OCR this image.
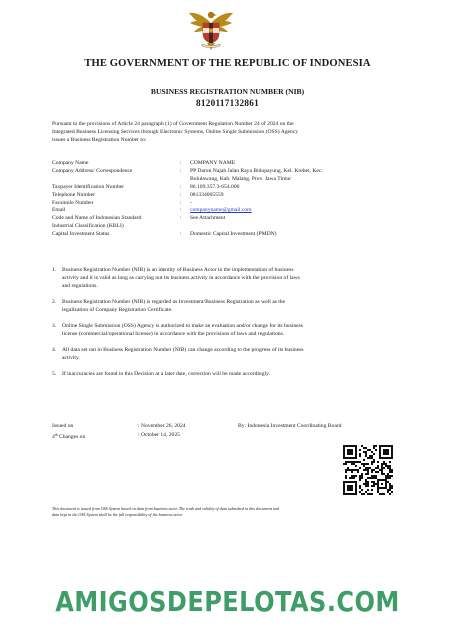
THE GOVERNMENT OF THE REPUBLIC OF INDONESIA
BUSINESS REGISTRATION NUMBER (NIB)
8120117132861
Pursuant to the provisions of Article 24 paragraph (1) of Government Regulation Number 24 of 2024 on the
Integrated Business Licensing Services through Electronic Systems, Online Single Submission (OSS) Agency
issues a Business Registration Number to:
Company Name	:	COMPANY NAME
Company Address/ Correspondence	:	PP Darun Najah Jalan Raya Bulupayung, Kel. Krebet, Kec.
Bululawang, Kab. Malang, Prov. Jawa Timur
Taxpayer Identification Number	:	86.109.357.3-654.000
Telephone Number	:	081334005559
Facsimile Number	:	-
Email	:	companyname@gmail.com
Code and Name of Indonesian Standard
Industrial Classification (KBLI)
:	See Attachment
Capital Investment Status	:	Domestic Capital Investment (PMDN)
1.	Business Registration Number (NIB) is an identity of Business Actor in the implementation of business
activity and it is valid as long as carrying out its business activity in accordance with the provision of laws
and regulations.
2.	Business Registration Number (NIB) is regarded as Investment/Business Registration as well as the
legalization of Company Registration Certificate.
3.	Online Single Submission (OSS) Agency is authorized to make an evaluation and/or change for its business
license (commercial/operational license) in accordance with the provisions of laws and regulations.
4.	All data set out in Business Registration Number (NIB) can change according to the progress of its business
activity.
5.	If inaccuracies are found in this Decision at a later date, correction will be made accordingly.
Issued on	: November 26, 2024
4th Changes on	: October 14, 2025
By: Indonesia Investment Coordinating Board
This document is issued from OSS System based on data from business actor. The truth and validity of data submitted in this document and
data kept in the OSS System shall be the full responsibility of the business actor.
AMIGOSDEPELOTAS.COM
